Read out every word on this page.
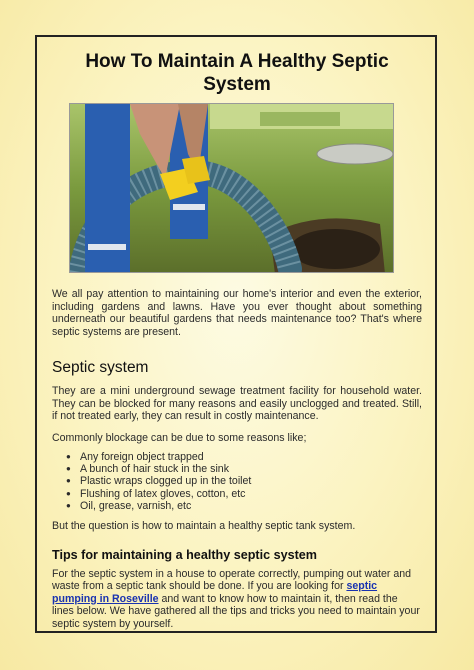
How To Maintain A Healthy Septic System

We all pay attention to maintaining our home's interior and even the exterior, including gardens and lawns. Have you ever thought about something underneath our beautiful gardens that needs maintenance too? That's where septic systems are present.

Septic system

They are a mini underground sewage treatment facility for household water. They can be blocked for many reasons and easily unclogged and treated. Still, if not treated early, they can result in costly maintenance.

Commonly blockage can be due to some reasons like;

● Any foreign object trapped
● A bunch of hair stuck in the sink
● Plastic wraps clogged up in the toilet
● Flushing of latex gloves, cotton, etc
● Oil, grease, varnish, etc

But the question is how to maintain a healthy septic tank system.

Tips for maintaining a healthy septic system

For the septic system in a house to operate correctly, pumping out water and waste from a septic tank should be done. If you are looking for septic pumping in Roseville and want to know how to maintain it, then read the lines below. We have gathered all the tips and tricks you need to maintain your septic system by yourself.
